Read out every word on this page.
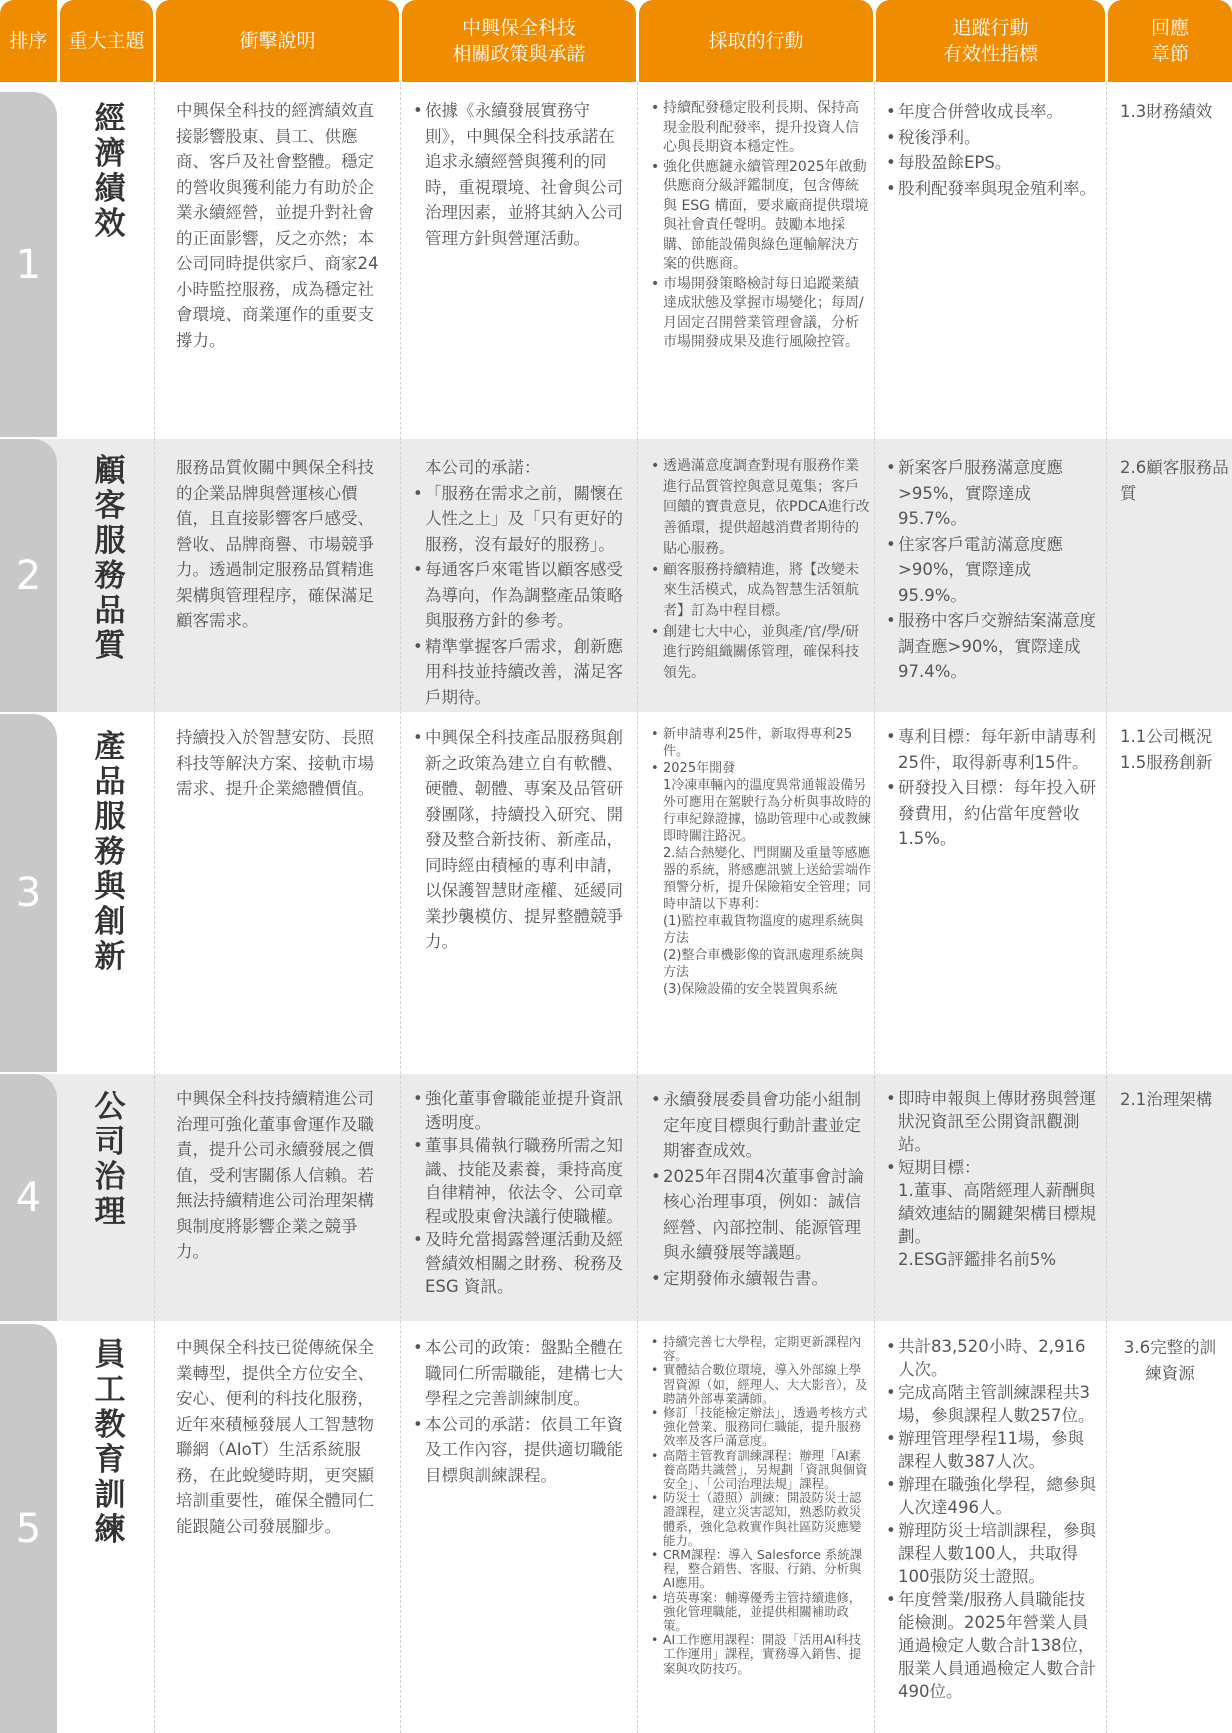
排序 重大主題	衝擊說明
中興保全科技
相關政策與承諾
採取的行動
追蹤行動
有效性指標
回應
章節
1
經
濟
績
效
中興保全科技的經濟績效直接影響股東、員工、供應商、客戶及社會整體。穩定的營收與獲利能力有助於企業永續經營，並提升對社會的正面影響，反之亦然；本公司同時提供家戶、商家24小時監控服務，成為穩定社會環境、商業運作的重要支撐力。
• 依據《永續發展實務守則》，中興保全科技承諾在追求永續經營與獲利的同時，重視環境、社會與公司治理因素，並將其納入公司管理方針與營運活動。
• 持續配發穩定股利長期、保持高現金股利配發率，提升投資人信心與長期資本穩定性。
• 強化供應鏈永續管理2025年啟動供應商分級評鑑制度，包含傳統與 ESG 構面，要求廠商提供環境與社會責任聲明。鼓勵本地採購、節能設備與綠色運輸解決方案的供應商。
• 市場開發策略檢討每日追蹤業績達成狀態及掌握市場變化；每周/月固定召開營業管理會議，分析市場開發成果及進行風險控管。
• 年度合併營收成長率。
• 稅後淨利。
• 每股盈餘EPS。
• 股利配發率與現金殖利率。
1.3財務績效
2
顧
客
服
務
品
質
服務品質攸關中興保全科技的企業品牌與營運核心價值，且直接影響客戶感受、營收、品牌商譽、市場競爭力。透過制定服務品質精進架構與管理程序，確保滿足顧客需求。
本公司的承諾：
• 「服務在需求之前，關懷在人性之上」及「只有更好的服務，沒有最好的服務」。
• 每通客戶來電皆以顧客感受為導向，作為調整產品策略與服務方針的參考。
• 精準掌握客戶需求，創新應用科技並持續改善，滿足客戶期待。
• 透過滿意度調查對現有服務作業進行品質管控與意見蒐集；客戶回饋的寶貴意見，依PDCA進行改善循環，提供超越消費者期待的貼心服務。
• 顧客服務持續精進，將【改變未來生活模式，成為智慧生活領航者】訂為中程目標。
• 創建七大中心，並與產/官/學/研進行跨組織關係管理，確保科技領先。
• 新案客戶服務滿意度應>95%，實際達成95.7%。
• 住家客戶電訪滿意度應>90%，實際達成95.9%。
• 服務中客戶交辦結案滿意度調查應>90%，實際達成97.4%。
2.6顧客服務品質
3
產
品
服
務
與
創
新
持續投入於智慧安防、長照科技等解決方案、接軌市場需求、提升企業總體價值。
• 中興保全科技產品服務與創新之政策為建立自有軟體、硬體、韌體、專案及品管研發團隊，持續投入研究、開發及整合新技術、新產品，同時經由積極的專利申請，以保護智慧財產權、延緩同業抄襲模仿、提昇整體競爭力。
• 新申請專利25件，新取得專利25件。
• 2025年開發
1冷凍車輛內的溫度異常通報設備另外可應用在駕駛行為分析與事故時的行車紀錄證據，協助管理中心或教練即時關注路況。
2.結合熱變化、門開關及重量等感應器的系統，將感應訊號上送給雲端作預警分析，提升保險箱安全管理；同時申請以下專利：
(1)監控車載貨物溫度的處理系統與方法
(2)整合車機影像的資訊處理系統與方法
(3)保險設備的安全裝置與系統
• 專利目標：每年新申請專利25件，取得新專利15件。
• 研發投入目標：每年投入研發費用，約佔當年度營收1.5%。
1.1公司概況
1.5服務創新
4
公
司
治
理
中興保全科技持續精進公司治理可強化董事會運作及職責，提升公司永續發展之價值，受利害關係人信賴。若無法持續精進公司治理架構與制度將影響企業之競爭力。
• 強化董事會職能並提升資訊透明度。
• 董事具備執行職務所需之知識、技能及素養，秉持高度自律精神，依法令、公司章程或股東會決議行使職權。
• 及時允當揭露營運活動及經營績效相關之財務、稅務及 ESG 資訊。
• 永續發展委員會功能小組制定年度目標與行動計畫並定期審查成效。
• 2025年召開4次董事會討論核心治理事項，例如：誠信經營、內部控制、能源管理與永續發展等議題。
• 定期發佈永續報告書。
• 即時申報與上傳財務與營運狀況資訊至公開資訊觀測站。
• 短期目標：
1.董事、高階經理人薪酬與績效連結的關鍵架構目標規劃。
2.ESG評鑑排名前5%
2.1治理架構
5
員
工
教
育
訓
練
中興保全科技已從傳統保全業轉型，提供全方位安全、安心、便利的科技化服務，近年來積極發展人工智慧物聯網（AIoT）生活系統服務，在此蛻變時期，更突顯培訓重要性，確保全體同仁能跟隨公司發展腳步。
• 本公司的政策：盤點全體在職同仁所需職能，建構七大學程之完善訓練制度。
• 本公司的承諾：依員工年資及工作內容，提供適切職能目標與訓練課程。
• 持續完善七大學程，定期更新課程內容。
• 實體結合數位環境，導入外部線上學習資源（如，經理人、大大影音），及聘請外部專業講師。
• 修訂「技能檢定辦法」，透過考核方式強化營業、服務同仁職能，提升服務效率及客戶滿意度。
• 高階主管教育訓練課程：辦理「AI素養高階共識營」，另規劃「資訊與個資安全」、「公司治理法規」課程。
• 防災士（證照）訓練：開設防災士認證課程，建立災害認知，熟悉防救災體系，強化急救實作與社區防災應變能力。
• CRM課程：導入 Salesforce 系統課程，整合銷售、客服、行銷、分析與AI應用。
• 培英專案：輔導優秀主管持續進修，強化管理職能，並提供相關補助政策。
• AI工作應用課程：開設「活用AI科技工作運用」課程，實務導入銷售、提案與攻防技巧。
• 共計83,520小時、2,916人次。
• 完成高階主管訓練課程共3場，參與課程人數257位。
• 辦理管理學程11場，參與課程人數387人次。
• 辦理在職強化學程，總參與人次達496人。
• 辦理防災士培訓課程，參與課程人數100人，共取得100張防災士證照。
• 年度營業/服務人員職能技能檢測。2025年營業人員通過檢定人數合計138位，服業人員通過檢定人數合計490位。
3.6完整的訓練資源
